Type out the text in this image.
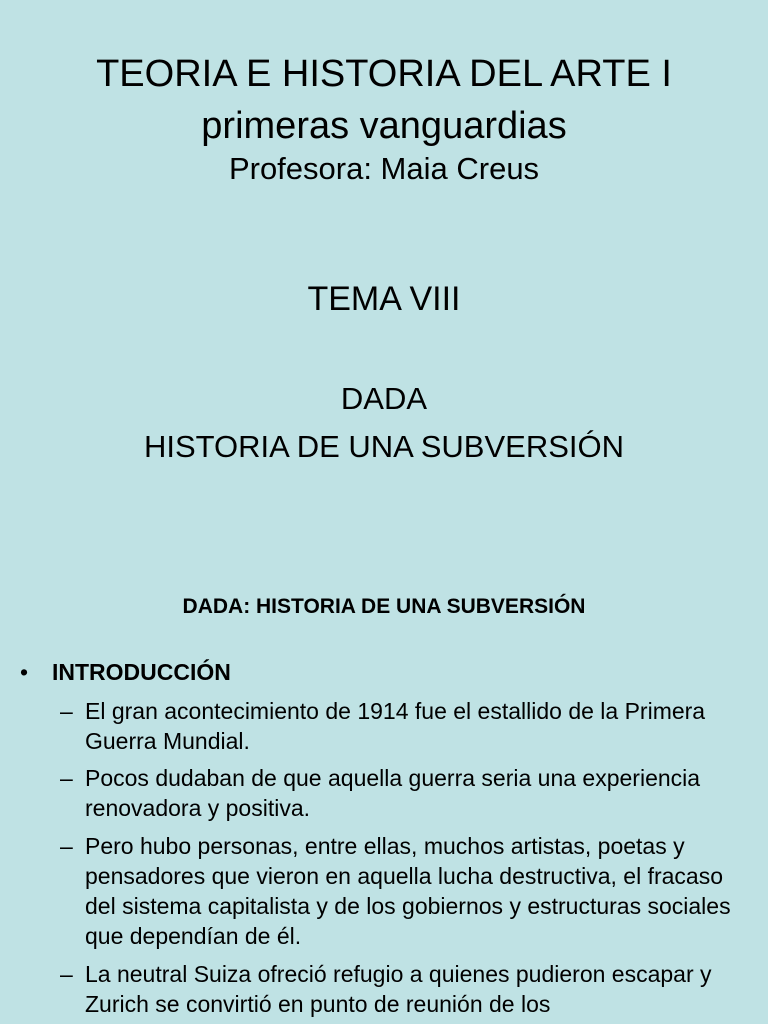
TEORIA E HISTORIA DEL ARTE I
primeras vanguardias
Profesora: Maia Creus
TEMA VIII
DADA
HISTORIA DE UNA SUBVERSIÓN
DADA: HISTORIA DE UNA SUBVERSIÓN
• INTRODUCCIÓN
– El gran acontecimiento de 1914 fue el estallido de la Primera Guerra Mundial.
– Pocos dudaban de que aquella guerra seria una experiencia renovadora y positiva.
– Pero hubo personas, entre ellas, muchos artistas, poetas y pensadores que vieron en aquella lucha destructiva, el fracaso del sistema capitalista y de los gobiernos y estructuras sociales que dependían de él.
– La neutral Suiza ofreció refugio a quienes pudieron escapar y Zurich se convirtió en punto de reunión de los
